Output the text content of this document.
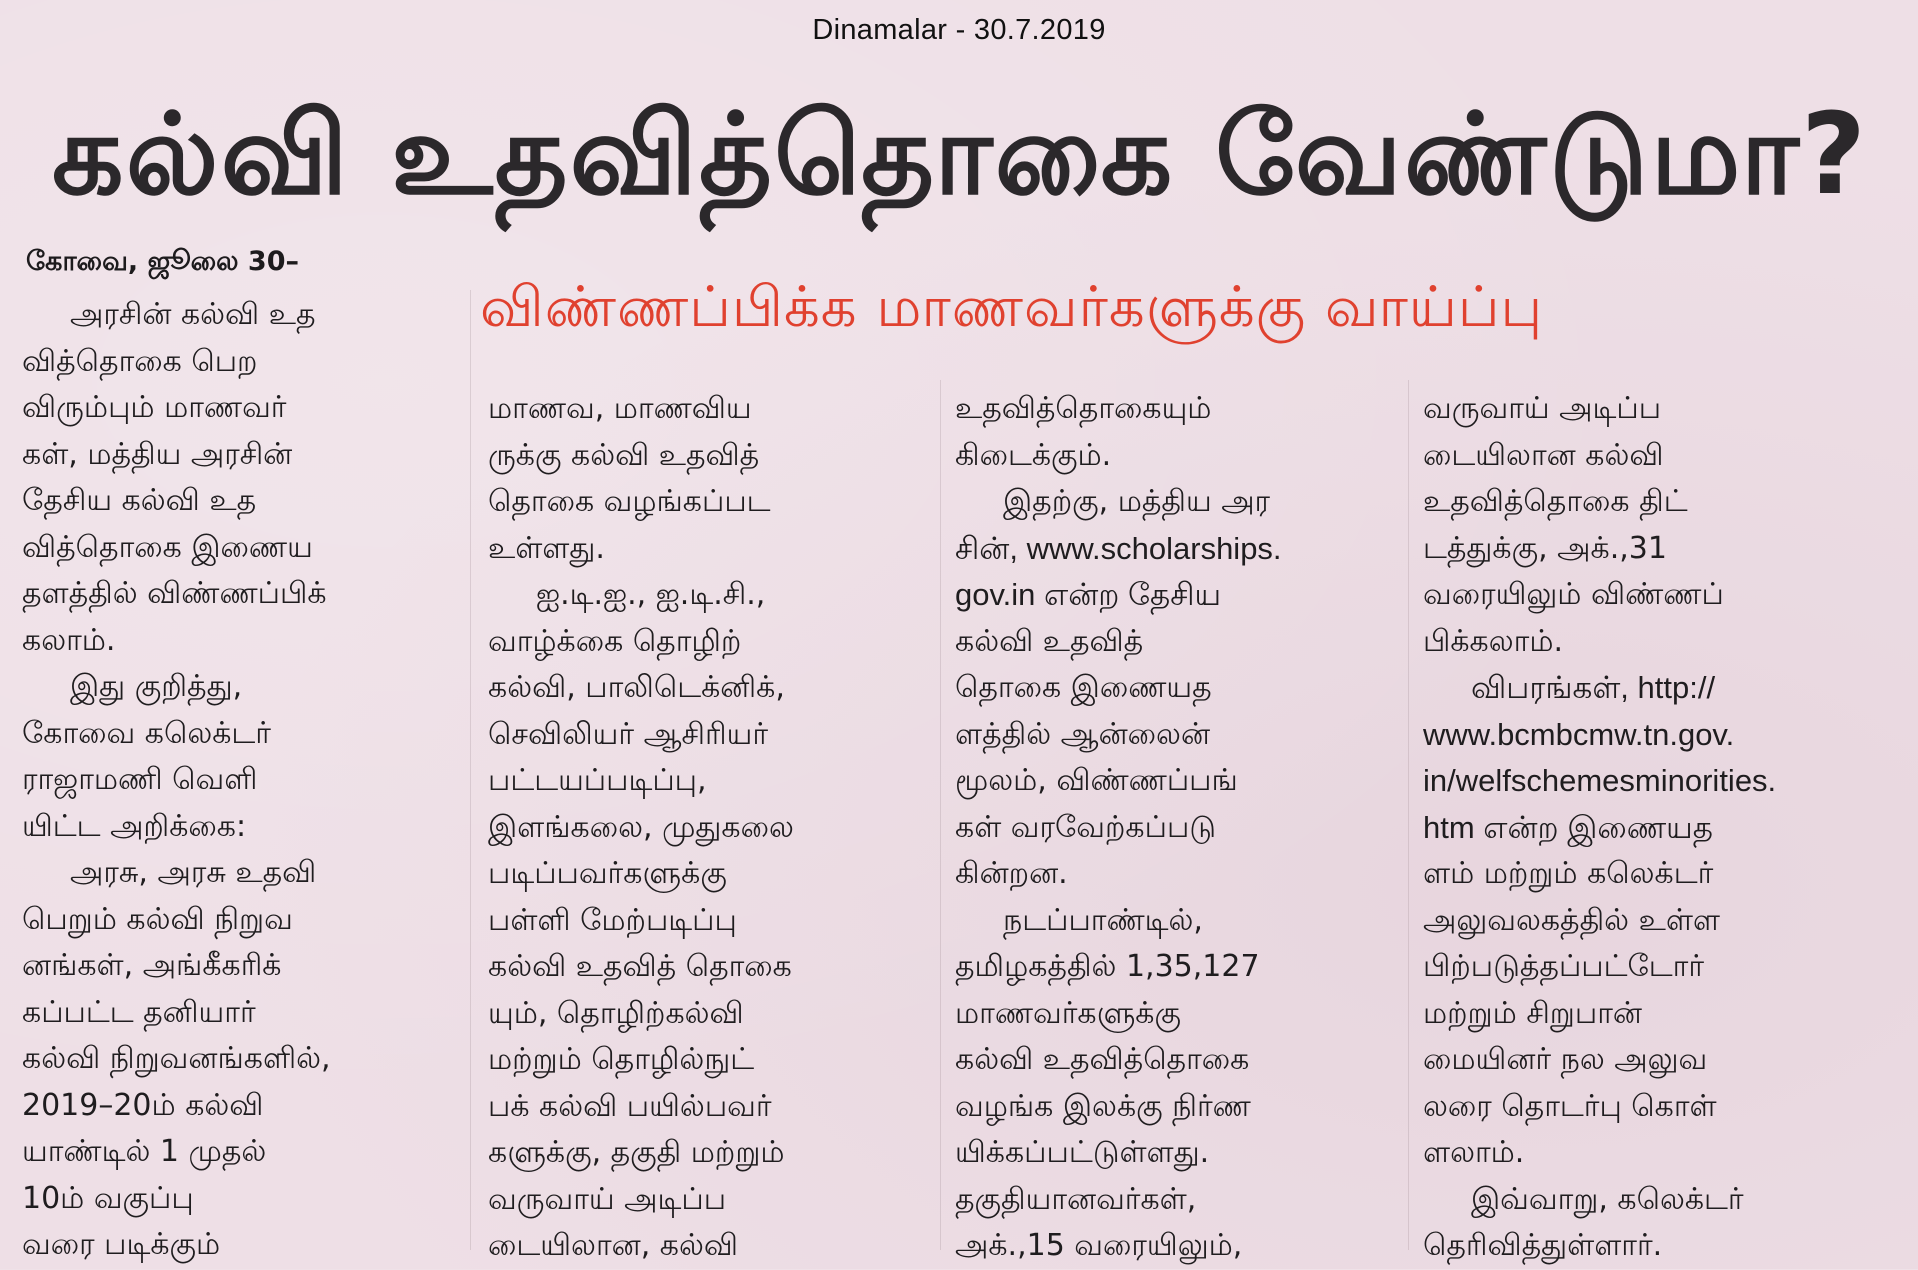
Dinamalar - 30.7.2019
கல்வி உதவித்தொகை வேண்டுமா?
கோவை, ஜூலை 30–
விண்ணப்பிக்க மாணவர்களுக்கு வாய்ப்பு
அரசின் கல்வி உத
வித்தொகை பெற
விரும்பும் மாணவர்
கள், மத்திய அரசின்
தேசிய கல்வி உத
வித்தொகை இணைய
தளத்தில் விண்ணப்பிக்
கலாம்.
இது குறித்து,
கோவை கலெக்டர்
ராஜாமணி வெளி
யிட்ட அறிக்கை:
அரசு, அரசு உதவி
பெறும் கல்வி நிறுவ
னங்கள், அங்கீகரிக்
கப்பட்ட தனியார்
கல்வி நிறுவனங்களில்,
2019–20ம் கல்வி
யாண்டில் 1 முதல்
10ம் வகுப்பு
வரை படிக்கும்
மாணவ, மாணவிய
ருக்கு கல்வி உதவித்
தொகை வழங்கப்பட
உள்ளது.
ஐ.டி.ஐ., ஐ.டி.சி.,
வாழ்க்கை தொழிற்
கல்வி, பாலிடெக்னிக்,
செவிலியர் ஆசிரியர்
பட்டயப்படிப்பு,
இளங்கலை, முதுகலை
படிப்பவர்களுக்கு
பள்ளி மேற்படிப்பு
கல்வி உதவித் தொகை
யும், தொழிற்கல்வி
மற்றும் தொழில்நுட்
பக் கல்வி பயில்பவர்
களுக்கு, தகுதி மற்றும்
வருவாய் அடிப்ப
டையிலான, கல்வி
உதவித்தொகையும்
கிடைக்கும்.
இதற்கு, மத்திய அர
சின், www.scholarships.
gov.in என்ற தேசிய
கல்வி உதவித்
தொகை இணையத
ளத்தில் ஆன்லைன்
மூலம், விண்ணப்பங்
கள் வரவேற்கப்படு
கின்றன.
நடப்பாண்டில்,
தமிழகத்தில் 1,35,127
மாணவர்களுக்கு
கல்வி உதவித்தொகை
வழங்க இலக்கு நிர்ண
யிக்கப்பட்டுள்ளது.
தகுதியானவர்கள்,
அக்.,15 வரையிலும்,
வருவாய் அடிப்ப
டையிலான கல்வி
உதவித்தொகை திட்
டத்துக்கு, அக்.,31
வரையிலும் விண்ணப்
பிக்கலாம்.
விபரங்கள், http://
www.bcmbcmw.tn.gov.
in/welfschemesminorities.
htm என்ற இணையத
ளம் மற்றும் கலெக்டர்
அலுவலகத்தில் உள்ள
பிற்படுத்தப்பட்டோர்
மற்றும் சிறுபான்
மையினர் நல அலுவ
லரை தொடர்பு கொள்
ளலாம்.
இவ்வாறு, கலெக்டர்
தெரிவித்துள்ளார்.
